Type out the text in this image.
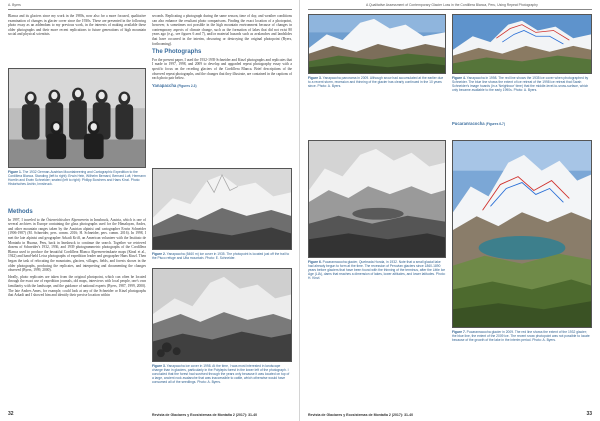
A. Byers

Blanca and its glaciers since my work in the 1980s, now also for a more focused, qualitative examination of changes in glacier cover since the 1930s. These are presented in the following photo essay as an addendum to my previous work, in the interests of making available these older photographs and their more recent replications to future generations of high mountain social and physical scientists.

Figure 1. The 1932 German-Austrian Mountaineering and Cartographic Expedition to the Cordillera Blanca. Standing (left to right): Erwin Hein, Wilhelm Bernard, Bernard Luft, Hermann Hoerlin and Erwin Schneider; seated (left to right): Philipp Borchers and Hans Kinzl. Photo: Historisches Archiv, Innsbruck.
Methods

In 1997, I traveled to the Österreichischer Alpenverein in Innsbruck, Austria, which is one of several archives in Europe containing the glass photographs used for the Himalayan, Andes, and other mountain ranges taken by the Austrian alpinist and cartographer Erwin Schneider (1906-1987) (M. Schneider, pers. comm. 2016; H. Schneider, pers. comm. 2016). In 1998, I met the late alpinist and geographer Arkadi Kriff, an American volunteer with the Instituto de Montaña in Huaraz, Peru, back in Innsbruck to continue the search. Together we retrieved dozens of Schneider's 1932, 1936, and 1939 photogrammetric photographs of the Cordillera Blanca used to produce the beautiful Cordillera Blanca Alpenvereinskarte maps (Kinzl et al., 1942) and hand-held Leica photographs of expedition leader and geographer Hans Kinzl. Then began the task of relocating the mountains, glaciers, villages, fields, and forests shown in the older photographs, producing the replicates, and interpreting and documenting the changes observed (Byers, 1999, 2000).

Ideally, photo replicates are taken from the original photopoint, which can often be located through the exact use of expedition journals, old maps, interviews with local people, one's own familiarity with the landscape, and the guidance of national experts (Byers, 1987, 1999, 2000). The late Andres Ames, for example, could look at any of the Schneider or Kinzl photographs that Arkadi and I showed him and identify their precise location within

seconds. Replicating a photograph during the same season, time of day, and weather conditions can also enhance the resultant photo comparisons. Finding the exact location of a photopoint, however, is sometimes not possible in the high mountain environment because of changes in contemporary aspects of climate change, such as the formation of lakes that did not exist 80 years ago (e.g., see figures 6 and 7), and/or material hazards such as avalanches and landslides that have occurred in the interim, obscuring or destroying the original photopoint (Byers, forthcoming).

The Photographs

For the present paper, I used the 1932-1939 Schneider and Kinzl photographs and replicates that I made in 1997, 1998, and 2009 to develop and upgraded repeat photography essay with a specific focus on the receding glaciers of the Cordillera Blanca. Brief descriptions of the observed repeat photographs, and the changes that they illustrate, are contained in the captions of each photo pair below.

Yanapaccha (Figures 2-3)
Figure 2. Yanapaccha (5460 m) ice cover in 1935. The photopoint is located just off the trail to the Pisco refuge and Ulta mountain. Photo: E. Schneider.
Figure 3. Yanapaccha ice cover in 1998. At the time, I was most interested in landscape change than in glaciers, particularly in the Polylepis forest in the lower left of the photograph. I concluded that the forest had survived through the years only because it was located on top of a large, ancient rock avalanche that was inaccessible to cattle, which otherwise would have consumed all of the seedlings. Photo: A. Byers.
32	Revista de Glaciares y Ecosistemas de Montaña 2 (2017): 31-40
A Qualitative Assessment of Contemporary Glacier Loss in the Cordillera Blanca, Peru, Using Repeat Photography
Figure 3. Yanapaccha panorama in 2009. Although snow had accumulated at the earlier due to a recent storm, recession and thinning of the glacier has clearly continued in the 10 years since. Photo: A. Byers.
Figure 4. Yanapaccha in 1998. The red line shows the 1935 ice cover when photographed by Schneider. The blue line shows the extent of ice retreat of the 1998 ice retreat that Sarah Schneider's image hoards (in a 'Neighbour' time) that the middle-level-to-snow-surface, which only became available to the early 1990s. Photo: A. Byers.
Pucaranracocha (Figures 6-7)
Figure 6. Pucaranracocha glacier, Quebrada Honda, in 1932. Note that a small glacial lake had already begun to form at the time. The recession of Peruvian glaciers since 1860-1890 years before glaciers that have been found with the thinning of the terminus, after the Little Ice Age (LIA), dams that reaches a dimension of lakes, lower altitudes, and lower latitudes. Photo: H. Kinzl.
Figure 7. Pucaranracocha glacier in 2009. The red line shows the extent of the 1932 glacier; the blue line, the extent of the 2009 ice. The recent snow photopoint was not possible to locate because of the growth of the lake in the interim period. Photo: A. Byers.
Revista de Glaciares y Ecosistemas de Montaña 2 (2017): 31-40	33
